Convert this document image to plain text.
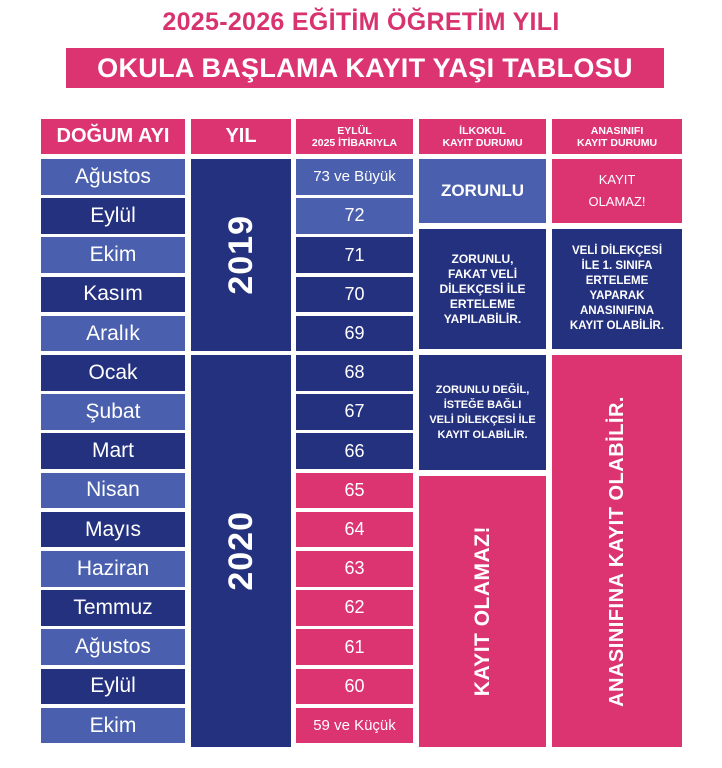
2025-2026 EĞİTİM ÖĞRETİM YILI
OKULA BAŞLAMA KAYIT YAŞI TABLOSU
DOĞUM AYI	YIL	EYLÜL
2025 İTİBARIYLA
İLKOKUL
KAYIT DURUMU
ANASINIFI
KAYIT DURUMU
Ağustos
Eylül
Ekim
Kasım
Aralık
Ocak
Şubat
Mart
Nisan
Mayıs
Haziran
Temmuz
Ağustos
Eylül
Ekim
2019
2020
73 ve Büyük
72
71
70
69
68
67
66
65
64
63
62
61
60
59 ve Küçük
ZORUNLU
ZORUNLU,
FAKAT VELİ
DİLEKÇESİ İLE
ERTELEME
YAPILABİLİR.
ZORUNLU DEĞİL,
İSTEĞE BAĞLI
VELİ DİLEKÇESİ İLE
KAYIT OLABİLİR.
KAYIT OLAMAZ!
KAYIT
OLAMAZ!
VELİ DİLEKÇESİ
İLE 1. SINIFA
ERTELEME
YAPARAK
ANASINIFINA
KAYIT OLABİLİR.
ANASINIFINA KAYIT OLABİLİR.
